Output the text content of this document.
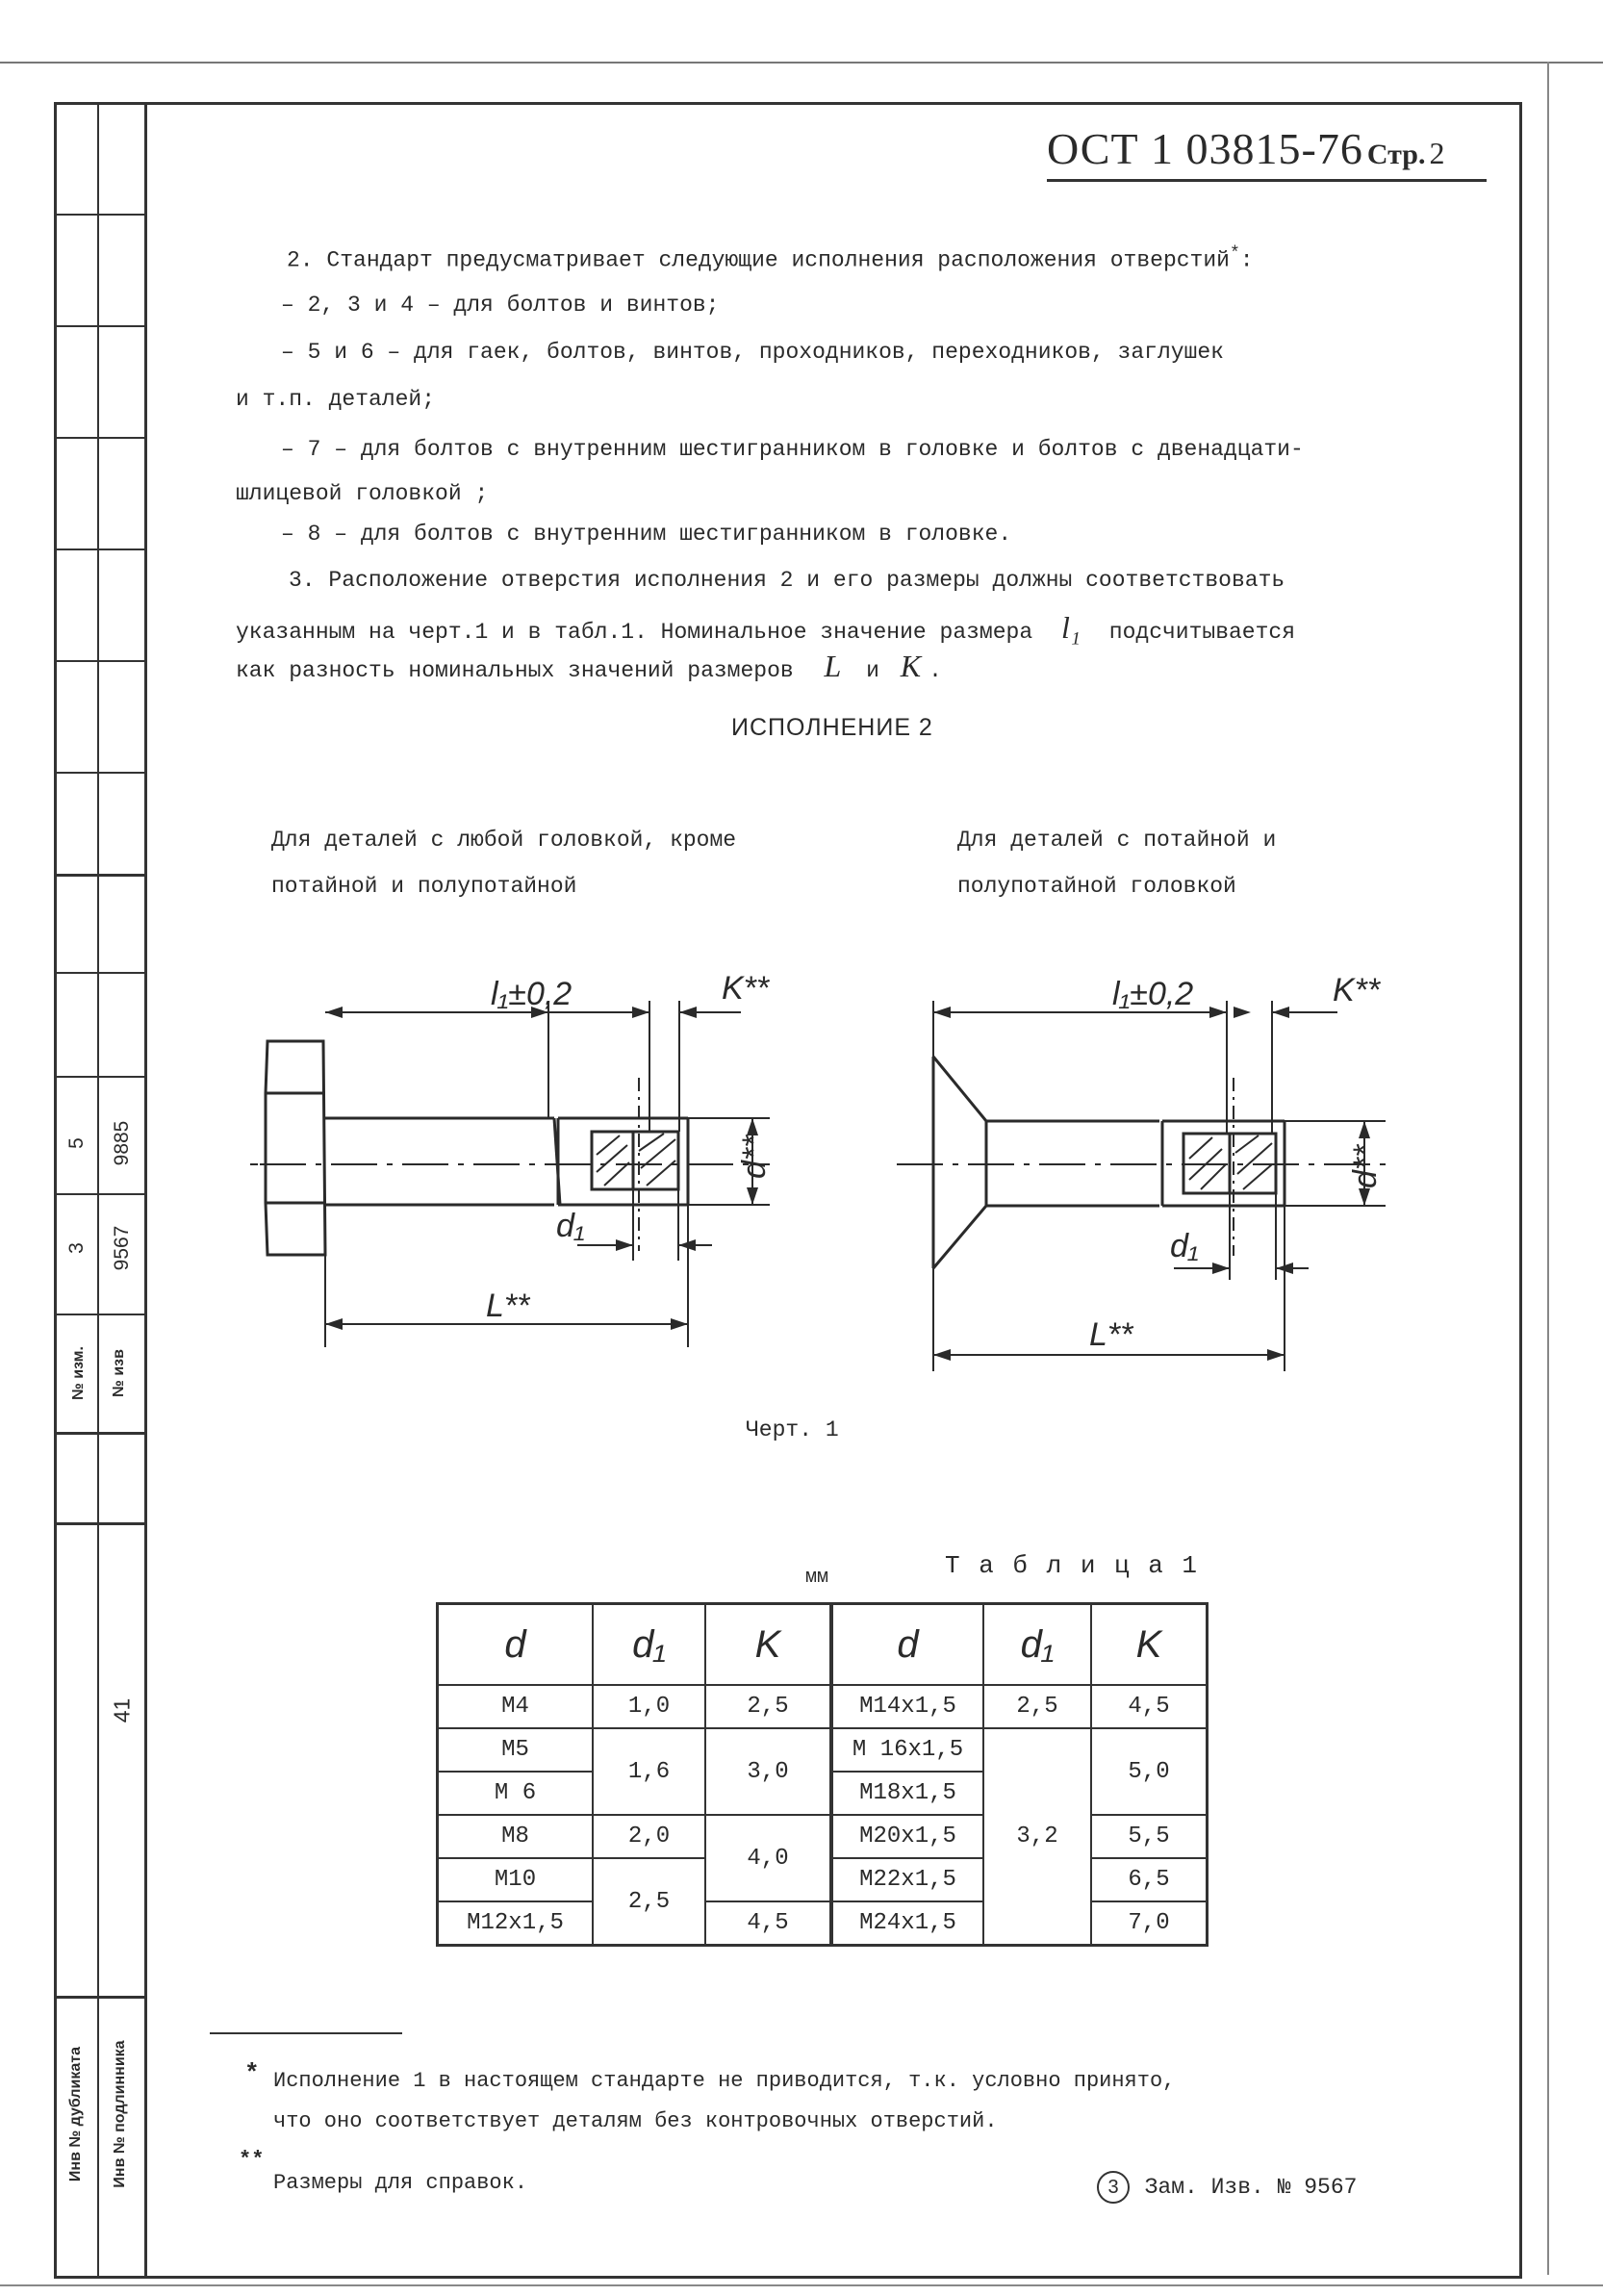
3
5
9567
9885
№ изм. № изв
41
Инв № дубликата Инв № подлинника
ОСТ 1 03815-76 Стр. 2
2. Стандарт предусматривает следующие исполнения расположения отверстий*:
– 2, 3 и 4 – для болтов и винтов;
– 5 и 6 – для гаек, болтов, винтов, проходников, переходников, заглушек
и т.п. деталей;
– 7 – для болтов с внутренним шестигранником в головке и болтов с двенадцати-
шлицевой головкой ;
– 8 – для болтов с внутренним шестигранником в головке.
3. Расположение отверстия исполнения 2 и его размеры должны соответствовать
указанным на черт.1 и в табл.1. Номинальное значение размера l₁ подсчитывается
как разность номинальных значений размеров L и K .
ИСПОЛНЕНИЕ 2
Для деталей с любой головкой, кроме
потайной и полупотайной
Для деталей с потайной и
полупотайной головкой
l₁±0,2	K**
d**
d₁
L**
l₁±0,2	K**
d**
d₁
L**
Черт. 1
Т а б л и ц а 1
мм
d	d₁	K	d	d₁	K
М4	1,0	2,5	М14х1,5	2,5	4,5
М5	1,6	3,0	М 16х1,5	3,2	5,0
М 6			М18х1,5		
М8	2,0	4,0	М20х1,5		5,5
М10	2,5		М22х1,5		6,5
М12х1,5		4,5	М24х1,5		7,0
* Исполнение 1 в настоящем стандарте не приводится, т.к. условно принято,
что оно соответствует деталям без контровочных отверстий.
**
Размеры для справок.	3 Зам. Изв. № 9567
